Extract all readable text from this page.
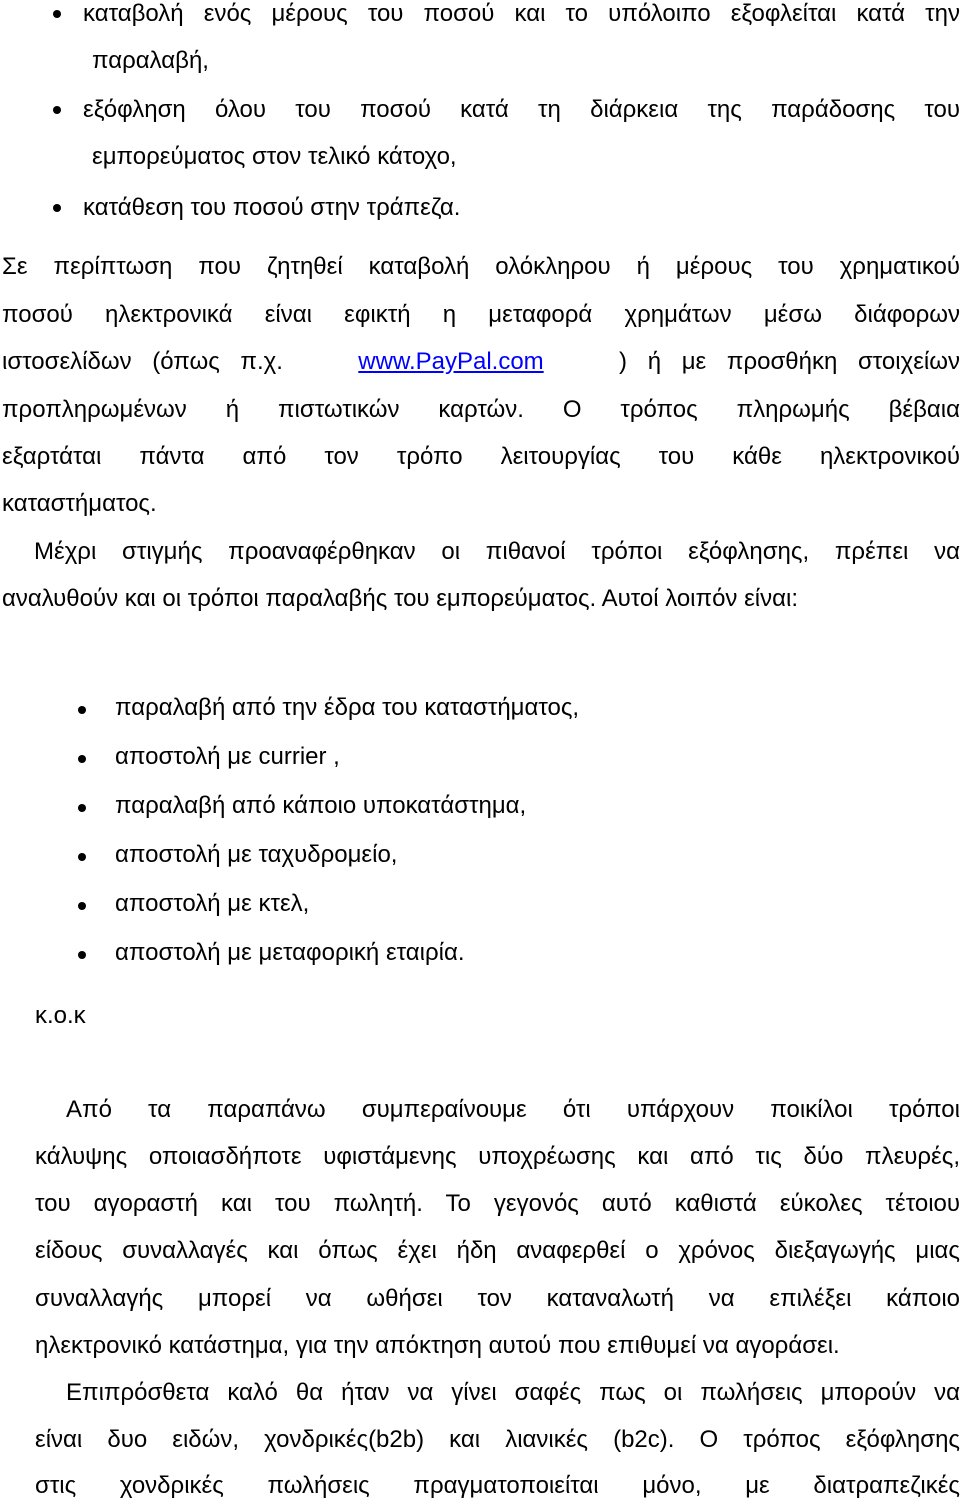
καταβολή ενός μέρους του ποσού και το υπόλοιπο εξοφλείται κατά την
παραλαβή,
εξόφληση όλου του ποσού κατά τη διάρκεια της παράδοσης του
εμπορεύματος στον τελικό κάτοχο,
κατάθεση του ποσού στην τράπεζα.
Σε περίπτωση που ζητηθεί καταβολή ολόκληρου ή μέρους του χρηματικού
ποσού ηλεκτρονικά είναι εφικτή η μεταφορά χρημάτων μέσω διάφορων
ιστοσελίδων (όπως π.χ. www.PayPal.com ) ή με προσθήκη στοιχείων
προπληρωμένων ή πιστωτικών καρτών. Ο τρόπος πληρωμής βέβαια
εξαρτάται πάντα από τον τρόπο λειτουργίας του κάθε ηλεκτρονικού
καταστήματος.
Μέχρι στιγμής προαναφέρθηκαν οι πιθανοί τρόποι εξόφλησης, πρέπει να
αναλυθούν και οι τρόποι παραλαβής του εμπορεύματος. Αυτοί λοιπόν είναι:
παραλαβή από την έδρα του καταστήματος,
αποστολή με currier ,
παραλαβή από κάποιο υποκατάστημα,
αποστολή με ταχυδρομείο,
αποστολή με κτελ,
αποστολή με μεταφορική εταιρία.
κ.ο.κ
Από τα παραπάνω συμπεραίνουμε ότι υπάρχουν ποικίλοι τρόποι
κάλυψης οποιασδήποτε υφιστάμενης υποχρέωσης και από τις δύο πλευρές,
του αγοραστή και του πωλητή. Το γεγονός αυτό καθιστά εύκολες τέτοιου
είδους συναλλαγές και όπως έχει ήδη αναφερθεί ο χρόνος διεξαγωγής μιας
συναλλαγής μπορεί να ωθήσει τον καταναλωτή να επιλέξει κάποιο
ηλεκτρονικό κατάστημα, για την απόκτηση αυτού που επιθυμεί να αγοράσει.
Επιπρόσθετα καλό θα ήταν να γίνει σαφές πως οι πωλήσεις μπορούν να
είναι δυο ειδών, χονδρικές(b2b) και λιανικές (b2c). Ο τρόπος εξόφλησης
στις χονδρικές πωλήσεις πραγματοποιείται μόνο, με διατραπεζικές
